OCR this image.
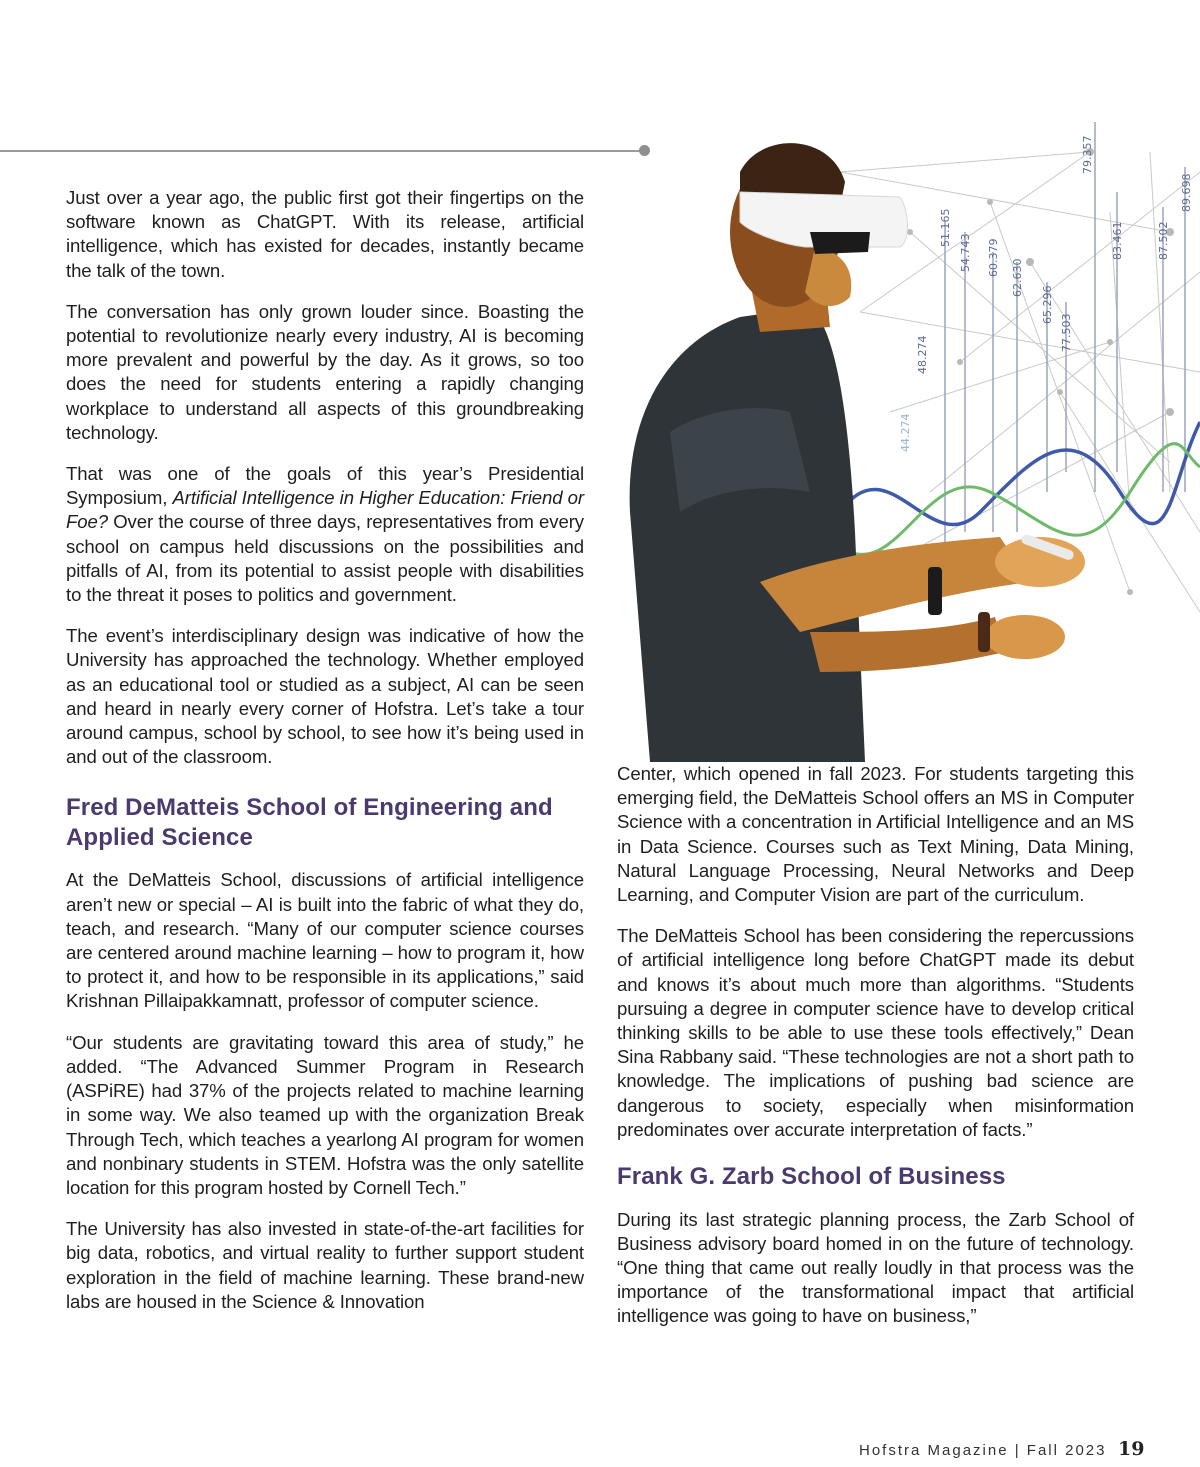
Just over a year ago, the public first got their fingertips on the software known as ChatGPT. With its release, artificial intelligence, which has existed for decades, instantly became the talk of the town.

The conversation has only grown louder since. Boasting the potential to revolutionize nearly every industry, AI is becoming more prevalent and powerful by the day. As it grows, so too does the need for students entering a rapidly changing workplace to understand all aspects of this groundbreaking technology.

That was one of the goals of this year’s Presidential Symposium, Artificial Intelligence in Higher Education: Friend or Foe? Over the course of three days, representatives from every school on campus held discussions on the possibilities and pitfalls of AI, from its potential to assist people with disabilities to the threat it poses to politics and government.

The event’s interdisciplinary design was indicative of how the University has approached the technology. Whether employed as an educational tool or studied as a subject, AI can be seen and heard in nearly every corner of Hofstra. Let’s take a tour around campus, school by school, to see how it’s being used in and out of the classroom.

Fred DeMatteis School of Engineering and Applied Science

At the DeMatteis School, discussions of artificial intelligence aren’t new or special – AI is built into the fabric of what they do, teach, and research. “Many of our computer science courses are centered around machine learning – how to program it, how to protect it, and how to be responsible in its applications,” said Krishnan Pillaipakkamnatt, professor of computer science.

“Our students are gravitating toward this area of study,” he added. “The Advanced Summer Program in Research (ASPiRE) had 37% of the projects related to machine learning in some way. We also teamed up with the organization Break Through Tech, which teaches a yearlong AI program for women and nonbinary students in STEM. Hofstra was the only satellite location for this program hosted by Cornell Tech.”

The University has also invested in state-of-the-art facilities for big data, robotics, and virtual reality to further support student exploration in the field of machine learning. These brand-new labs are housed in the Science & Innovation

79.357
89.698
87.502
83.461
77.503
65.296
62.630
60.379
54.743
51.165
48.274
44.274

Center, which opened in fall 2023. For students targeting this emerging field, the DeMatteis School offers an MS in Computer Science with a concentration in Artificial Intelligence and an MS in Data Science. Courses such as Text Mining, Data Mining, Natural Language Processing, Neural Networks and Deep Learning, and Computer Vision are part of the curriculum.

The DeMatteis School has been considering the repercussions of artificial intelligence long before ChatGPT made its debut and knows it’s about much more than algorithms. “Students pursuing a degree in computer science have to develop critical thinking skills to be able to use these tools effectively,” Dean Sina Rabbany said. “These technologies are not a short path to knowledge. The implications of pushing bad science are dangerous to society, especially when misinformation predominates over accurate interpretation of facts.”

Frank G. Zarb School of Business

During its last strategic planning process, the Zarb School of Business advisory board homed in on the future of technology. “One thing that came out really loudly in that process was the importance of the transformational impact that artificial intelligence was going to have on business,”

Hofstra Magazine | Fall 2023 19
